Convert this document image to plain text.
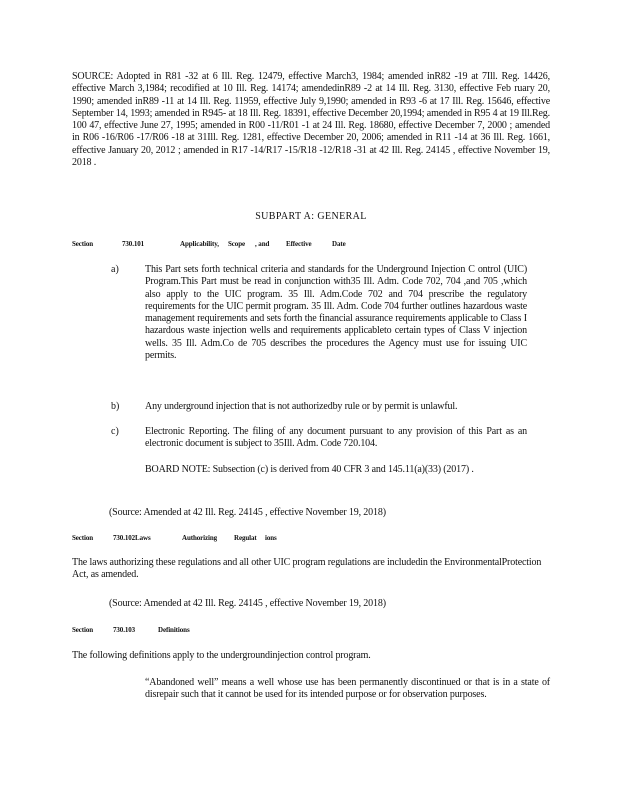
SOURCE: Adopted in R81 -32 at 6 Ill. Reg. 12479, effective March3, 1984; amended inR82 -19 at 7Ill. Reg. 14426, effective March 3,1984; recodified at 10 Ill. Reg. 14174; amendedinR89 -2 at 14 Ill. Reg. 3130, effective Feb ruary 20, 1990; amended inR89 -11 at 14 Ill. Reg. 11959, effective July 9,1990; amended in R93 -6 at 17 Ill. Reg. 15646, effective September 14, 1993; amended in R945- at 18 Ill. Reg. 18391, effective December 20,1994; amended in R95 4 at 19 Ill.Reg. 100 47, effective June 27, 1995; amended in R00 -11/R01 -1 at 24 Ill. Reg. 18680, effective December 7, 2000 ; amended in R06 -16/R06 -17/R06 -18 at 31Ill. Reg. 1281, effective December 20, 2006; amended in R11 -14 at 36 Ill. Reg. 1661, effective January 20, 2012 ; amended in R17 -14/R17 -15/R18 -12/R18 -31 at 42 Ill. Reg. 24145 , effective November 19, 2018 .

SUBPART A: GENERAL

Section	730.101	Applicability, Scope , and Effective	Date
a)	This Part sets forth technical criteria and standards for the Underground Injection C ontrol (UIC) Program.This Part must be read in conjunction with35 Ill. Adm. Code 702, 704 ,and 705 ,which also apply to the UIC program. 35 Ill. Adm.Code 702 and 704 prescribe the regulatory requirements for the UIC permit program. 35 Ill. Adm. Code 704 further outlines hazardous waste management requirements and sets forth the financial assurance requirements applicable to Class I hazardous waste injection wells and requirements applicableto certain types of Class V injection wells. 35 Ill. Adm.Co de 705 describes the procedures the Agency must use for issuing UIC permits.

b)	Any underground injection that is not authorizedby rule or by permit is unlawful.

c)	Electronic Reporting. The filing of any document pursuant to any provision of this Part as an electronic document is subject to 35Ill. Adm. Code 720.104.

BOARD NOTE: Subsection (c) is derived from 40 CFR 3 and 145.11(a)(33) (2017) .

(Source: Amended at 42 Ill. Reg. 24145 , effective November 19, 2018)

Section	730.102Laws	Authorizing Regulat ions

The laws authorizing these regulations and all other UIC program regulations are includedin the EnvironmentalProtection Act, as amended.

(Source: Amended at 42 Ill. Reg. 24145 , effective November 19, 2018)

Section	730.103	Definitions

The following definitions apply to the undergroundinjection control program.

“Abandoned well” means a well whose use has been permanently discontinued or that is in a state of disrepair such that it cannot be used for its intended purpose or for observation purposes.
